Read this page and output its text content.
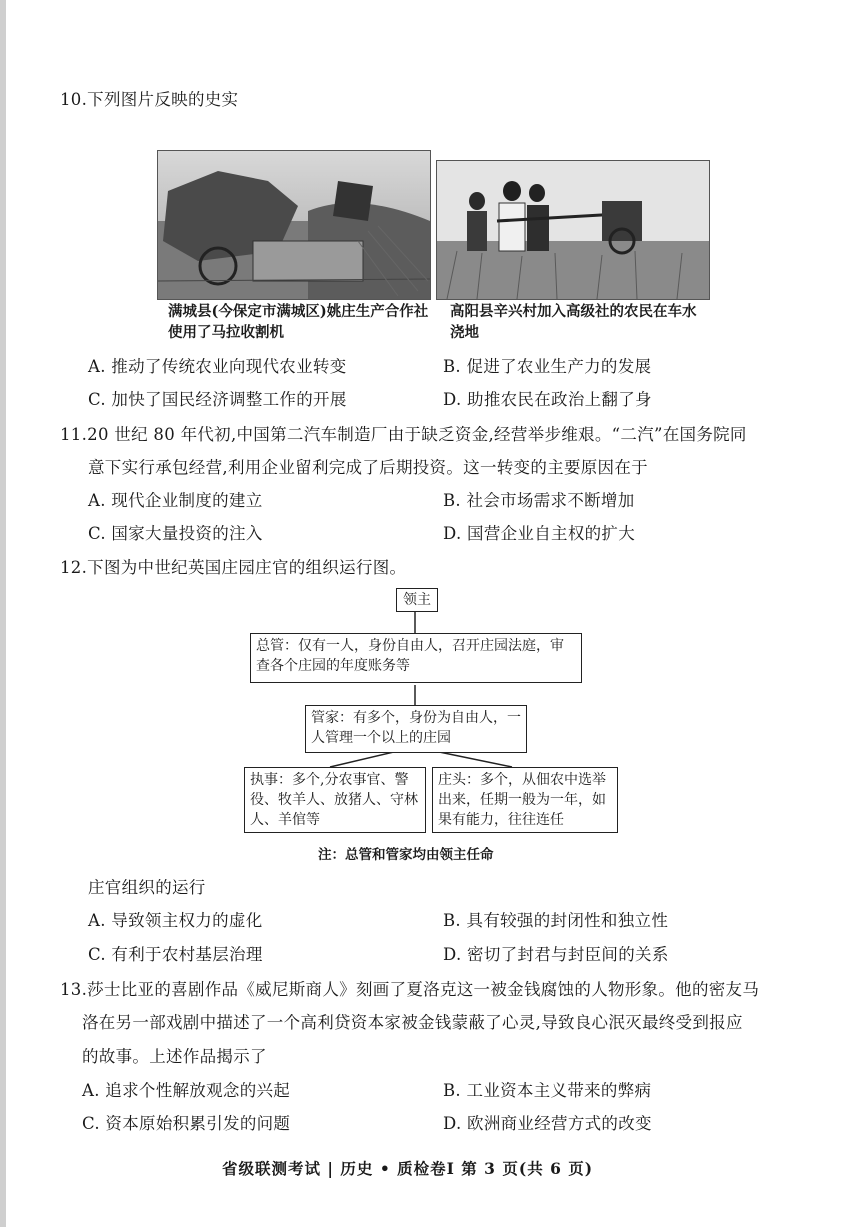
10.下列图片反映的史实
满城县(今保定市满城区)姚庄生产合作社使用了马拉收割机
高阳县辛兴村加入高级社的农民在车水浇地
A. 推动了传统农业向现代农业转变	B. 促进了农业生产力的发展
C. 加快了国民经济调整工作的开展	D. 助推农民在政治上翻了身
11.20 世纪 80 年代初,中国第二汽车制造厂由于缺乏资金,经营举步维艰。“二汽”在国务院同
意下实行承包经营,利用企业留利完成了后期投资。这一转变的主要原因在于
A. 现代企业制度的建立	B. 社会市场需求不断增加
C. 国家大量投资的注入	D. 国营企业自主权的扩大
12.下图为中世纪英国庄园庄官的组织运行图。
领主
总管：仅有一人，身份自由人，召开庄园法庭，审查各个庄园的年度账务等
管家：有多个，身份为自由人，一人管理一个以上的庄园
执事：多个,分农事官、警役、牧羊人、放猪人、守林人、羊倌等
庄头：多个，从佃农中选举出来，任期一般为一年，如果有能力，往往连任
注：总管和管家均由领主任命
庄官组织的运行
A. 导致领主权力的虚化	B. 具有较强的封闭性和独立性
C. 有利于农村基层治理	D. 密切了封君与封臣间的关系
13.莎士比亚的喜剧作品《威尼斯商人》刻画了夏洛克这一被金钱腐蚀的人物形象。他的密友马
洛在另一部戏剧中描述了一个高利贷资本家被金钱蒙蔽了心灵,导致良心泯灭最终受到报应
的故事。上述作品揭示了
A. 追求个性解放观念的兴起	B. 工业资本主义带来的弊病
C. 资本原始积累引发的问题	D. 欧洲商业经营方式的改变
省级联测考试 | 历史 • 质检卷Ⅰ 第 3 页(共 6 页)
